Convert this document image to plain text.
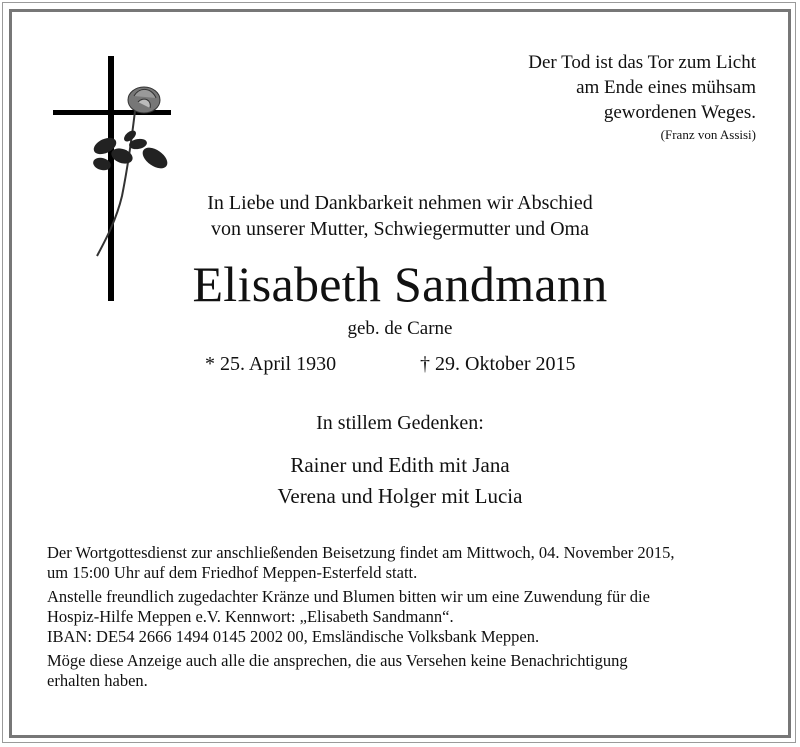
Der Tod ist das Tor zum Licht
am Ende eines mühsam
gewordenen Weges.
(Franz von Assisi)
In Liebe und Dankbarkeit nehmen wir Abschied
von unserer Mutter, Schwiegermutter und Oma
Elisabeth Sandmann
geb. de Carne
* 25. April 1930	† 29. Oktober 2015
In stillem Gedenken:
Rainer und Edith mit Jana
Verena und Holger mit Lucia

Der Wortgottesdienst zur anschließenden Beisetzung findet am Mittwoch, 04. November 2015,
um 15:00 Uhr auf dem Friedhof Meppen-Esterfeld statt.

Anstelle freundlich zugedachter Kränze und Blumen bitten wir um eine Zuwendung für die
Hospiz-Hilfe Meppen e.V. Kennwort: „Elisabeth Sandmann“.
IBAN: DE54 2666 1494 0145 2002 00, Emsländische Volksbank Meppen.

Möge diese Anzeige auch alle die ansprechen, die aus Versehen keine Benachrichtigung
erhalten haben.
